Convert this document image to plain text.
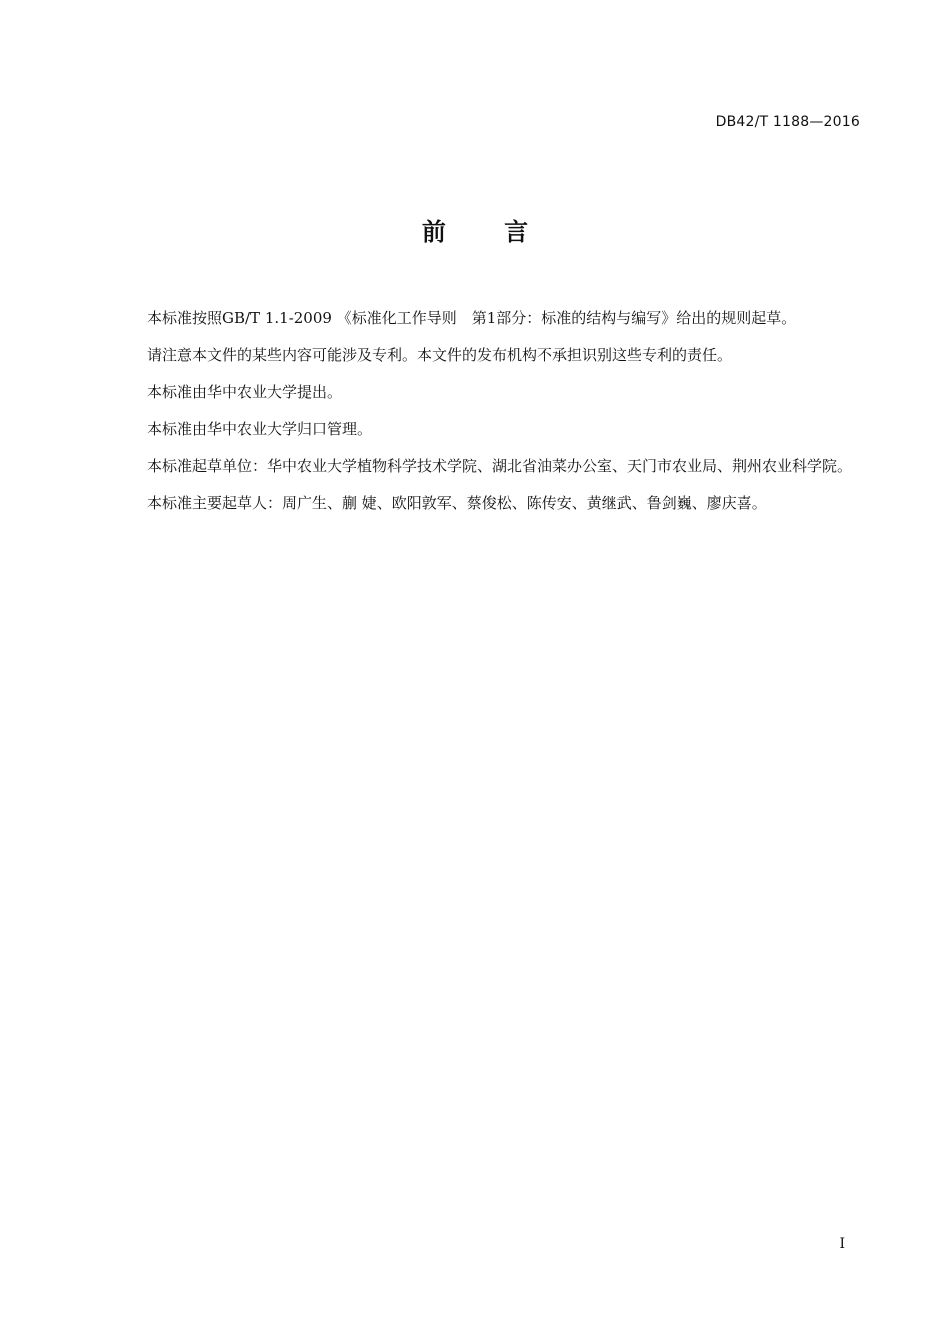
DB42/T 1188—2016
前 言

本标准按照GB/T 1.1-2009 《标准化工作导则　第1部分：标准的结构与编写》给出的规则起草。

请注意本文件的某些内容可能涉及专利。本文件的发布机构不承担识别这些专利的责任。

本标准由华中农业大学提出。

本标准由华中农业大学归口管理。

本标准起草单位：华中农业大学植物科学技术学院、湖北省油菜办公室、天门市农业局、荆州农业科学院。

本标准主要起草人：周广生、蒯 婕、欧阳敦军、蔡俊松、陈传安、黄继武、鲁剑巍、廖庆喜。

I
